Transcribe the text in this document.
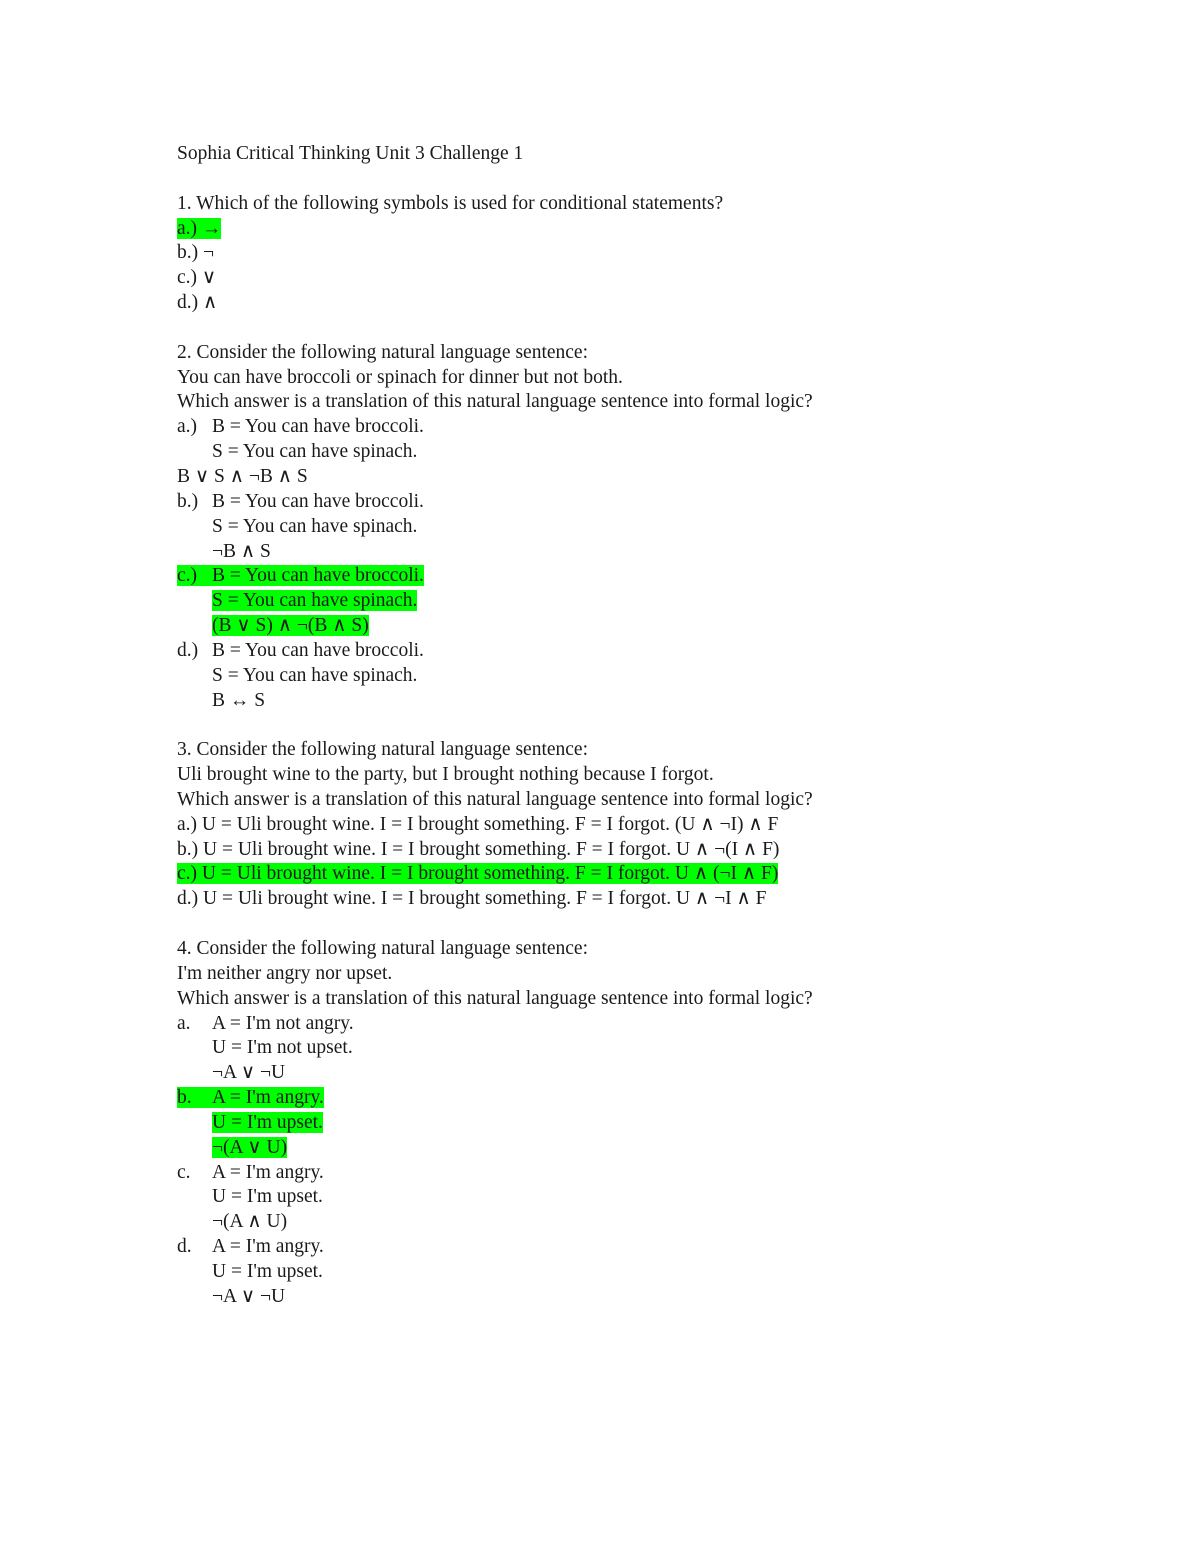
Sophia Critical Thinking Unit 3 Challenge 1
1. Which of the following symbols is used for conditional statements?
a.) →
b.) ¬
c.) ∨
d.) ∧
2. Consider the following natural language sentence:
You can have broccoli or spinach for dinner but not both.
Which answer is a translation of this natural language sentence into formal logic?
a.) B = You can have broccoli.
S = You can have spinach.
B ∨ S ∧ ¬B ∧ S
b.) B = You can have broccoli.
S = You can have spinach.
¬B ∧ S
c.) B = You can have broccoli.
S = You can have spinach.
(B ∨ S) ∧ ¬(B ∧ S)
d.) B = You can have broccoli.
S = You can have spinach.
B ↔ S
3. Consider the following natural language sentence:
Uli brought wine to the party, but I brought nothing because I forgot.
Which answer is a translation of this natural language sentence into formal logic?
a.) U = Uli brought wine. I = I brought something. F = I forgot. (U ∧ ¬I) ∧ F
b.) U = Uli brought wine. I = I brought something. F = I forgot. U ∧ ¬(I ∧ F)
c.) U = Uli brought wine. I = I brought something. F = I forgot. U ∧ (¬I ∧ F)
d.) U = Uli brought wine. I = I brought something. F = I forgot. U ∧ ¬I ∧ F
4. Consider the following natural language sentence:
I'm neither angry nor upset.
Which answer is a translation of this natural language sentence into formal logic?
a. A = I'm not angry.
U = I'm not upset.
¬A ∨ ¬U
b. A = I'm angry.
U = I'm upset.
¬(A ∨ U)
c. A = I'm angry.
U = I'm upset.
¬(A ∧ U)
d. A = I'm angry.
U = I'm upset.
¬A ∨ ¬U
